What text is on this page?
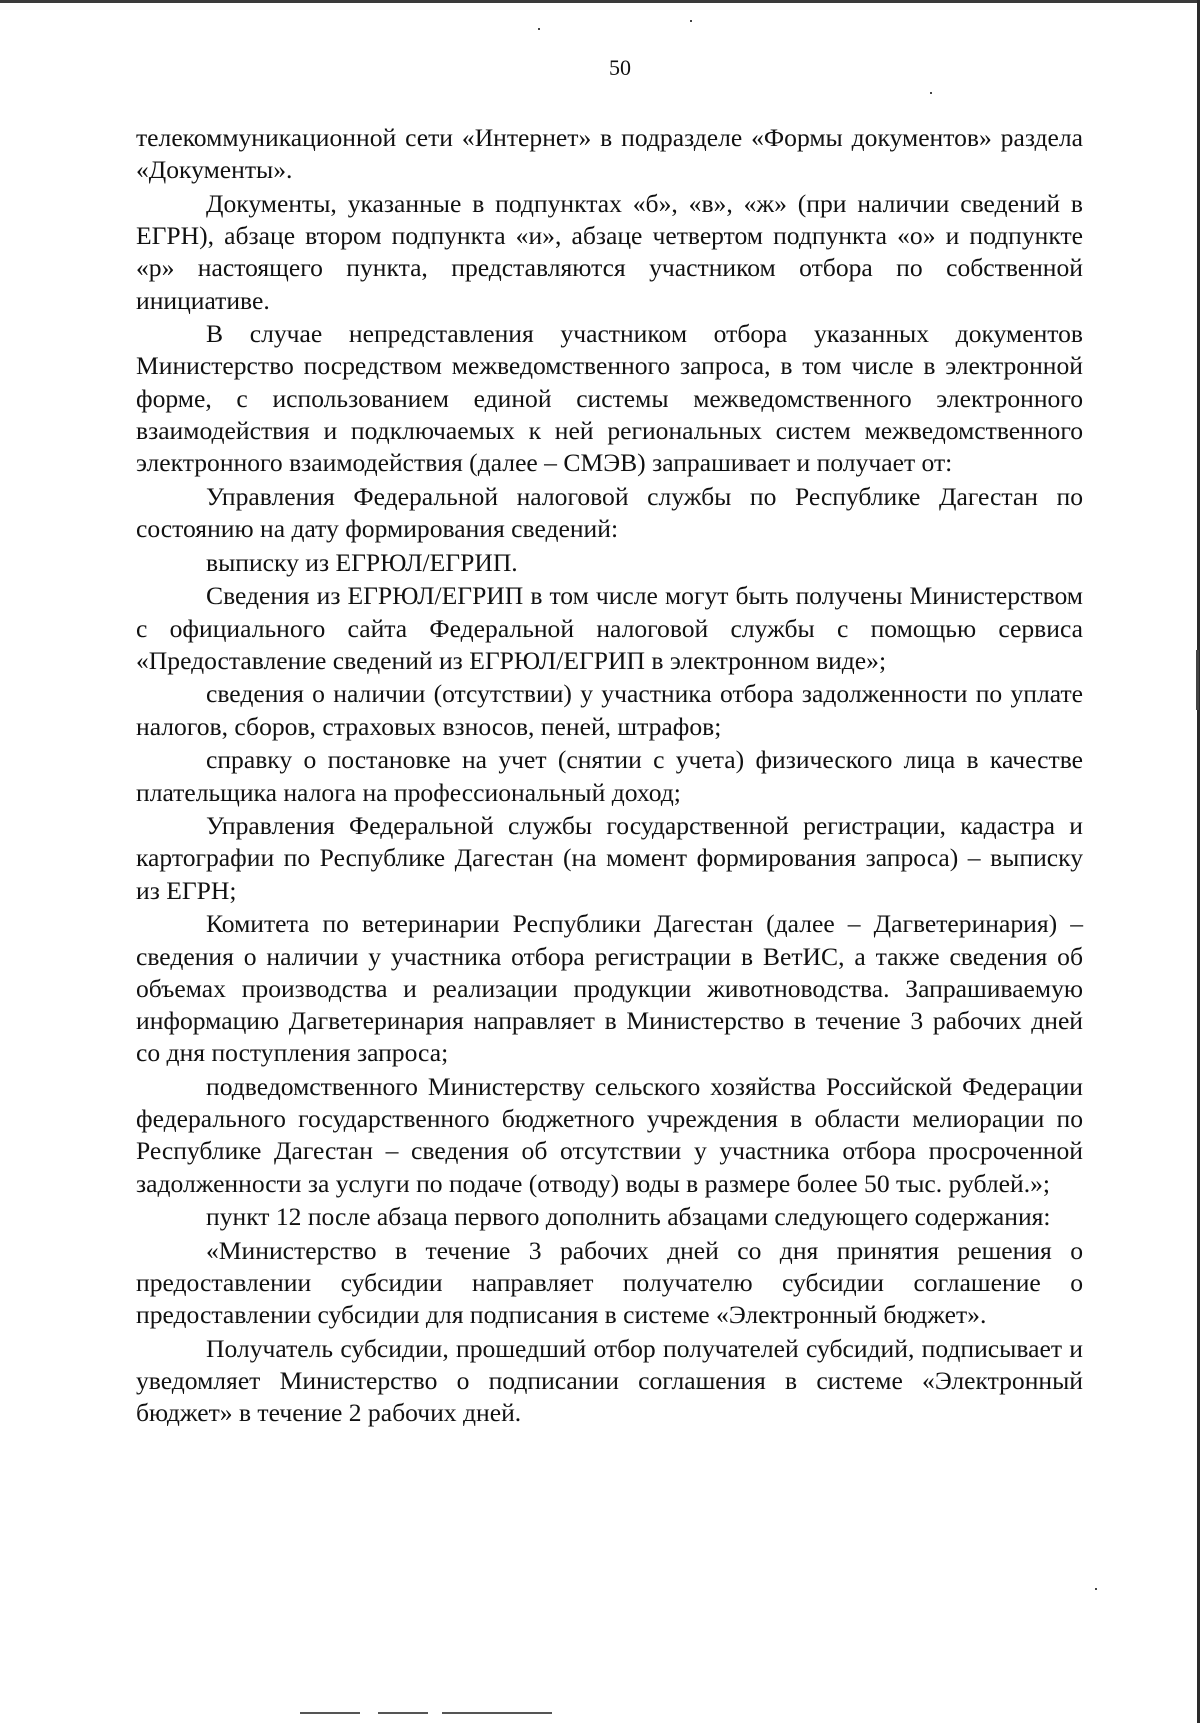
50

телекоммуникационной сети «Интернет» в подразделе «Формы документов» раздела «Документы».

Документы, указанные в подпунктах «б», «в», «ж» (при наличии сведений в ЕГРН), абзаце втором подпункта «и», абзаце четвертом подпункта «о» и подпункте «р» настоящего пункта, представляются участником отбора по собственной инициативе.

В случае непредставления участником отбора указанных документов Министерство посредством межведомственного запроса, в том числе в электронной форме, с использованием единой системы межведомственного электронного взаимодействия и подключаемых к ней региональных систем межведомственного электронного взаимодействия (далее – СМЭВ) запрашивает и получает от:

Управления Федеральной налоговой службы по Республике Дагестан по состоянию на дату формирования сведений:

выписку из ЕГРЮЛ/ЕГРИП.

Сведения из ЕГРЮЛ/ЕГРИП в том числе могут быть получены Министерством с официального сайта Федеральной налоговой службы с помощью сервиса «Предоставление сведений из ЕГРЮЛ/ЕГРИП в электронном виде»;

сведения о наличии (отсутствии) у участника отбора задолженности по уплате налогов, сборов, страховых взносов, пеней, штрафов;

справку о постановке на учет (снятии с учета) физического лица в качестве плательщика налога на профессиональный доход;

Управления Федеральной службы государственной регистрации, кадастра и картографии по Республике Дагестан (на момент формирования запроса) – выписку из ЕГРН;

Комитета по ветеринарии Республики Дагестан (далее – Дагветеринария) – сведения о наличии у участника отбора регистрации в ВетИС, а также сведения об объемах производства и реализации продукции животноводства. Запрашиваемую информацию Дагветеринария направляет в Министерство в течение 3 рабочих дней со дня поступления запроса;

подведомственного Министерству сельского хозяйства Российской Федерации федерального государственного бюджетного учреждения в области мелиорации по Республике Дагестан – сведения об отсутствии у участника отбора просроченной задолженности за услуги по подаче (отводу) воды в размере более 50 тыс. рублей.»;

пункт 12 после абзаца первого дополнить абзацами следующего содержания:

«Министерство в течение 3 рабочих дней со дня принятия решения о предоставлении субсидии направляет получателю субсидии соглашение о предоставлении субсидии для подписания в системе «Электронный бюджет».

Получатель субсидии, прошедший отбор получателей субсидий, подписывает и уведомляет Министерство о подписании соглашения в системе «Электронный бюджет» в течение 2 рабочих дней.
